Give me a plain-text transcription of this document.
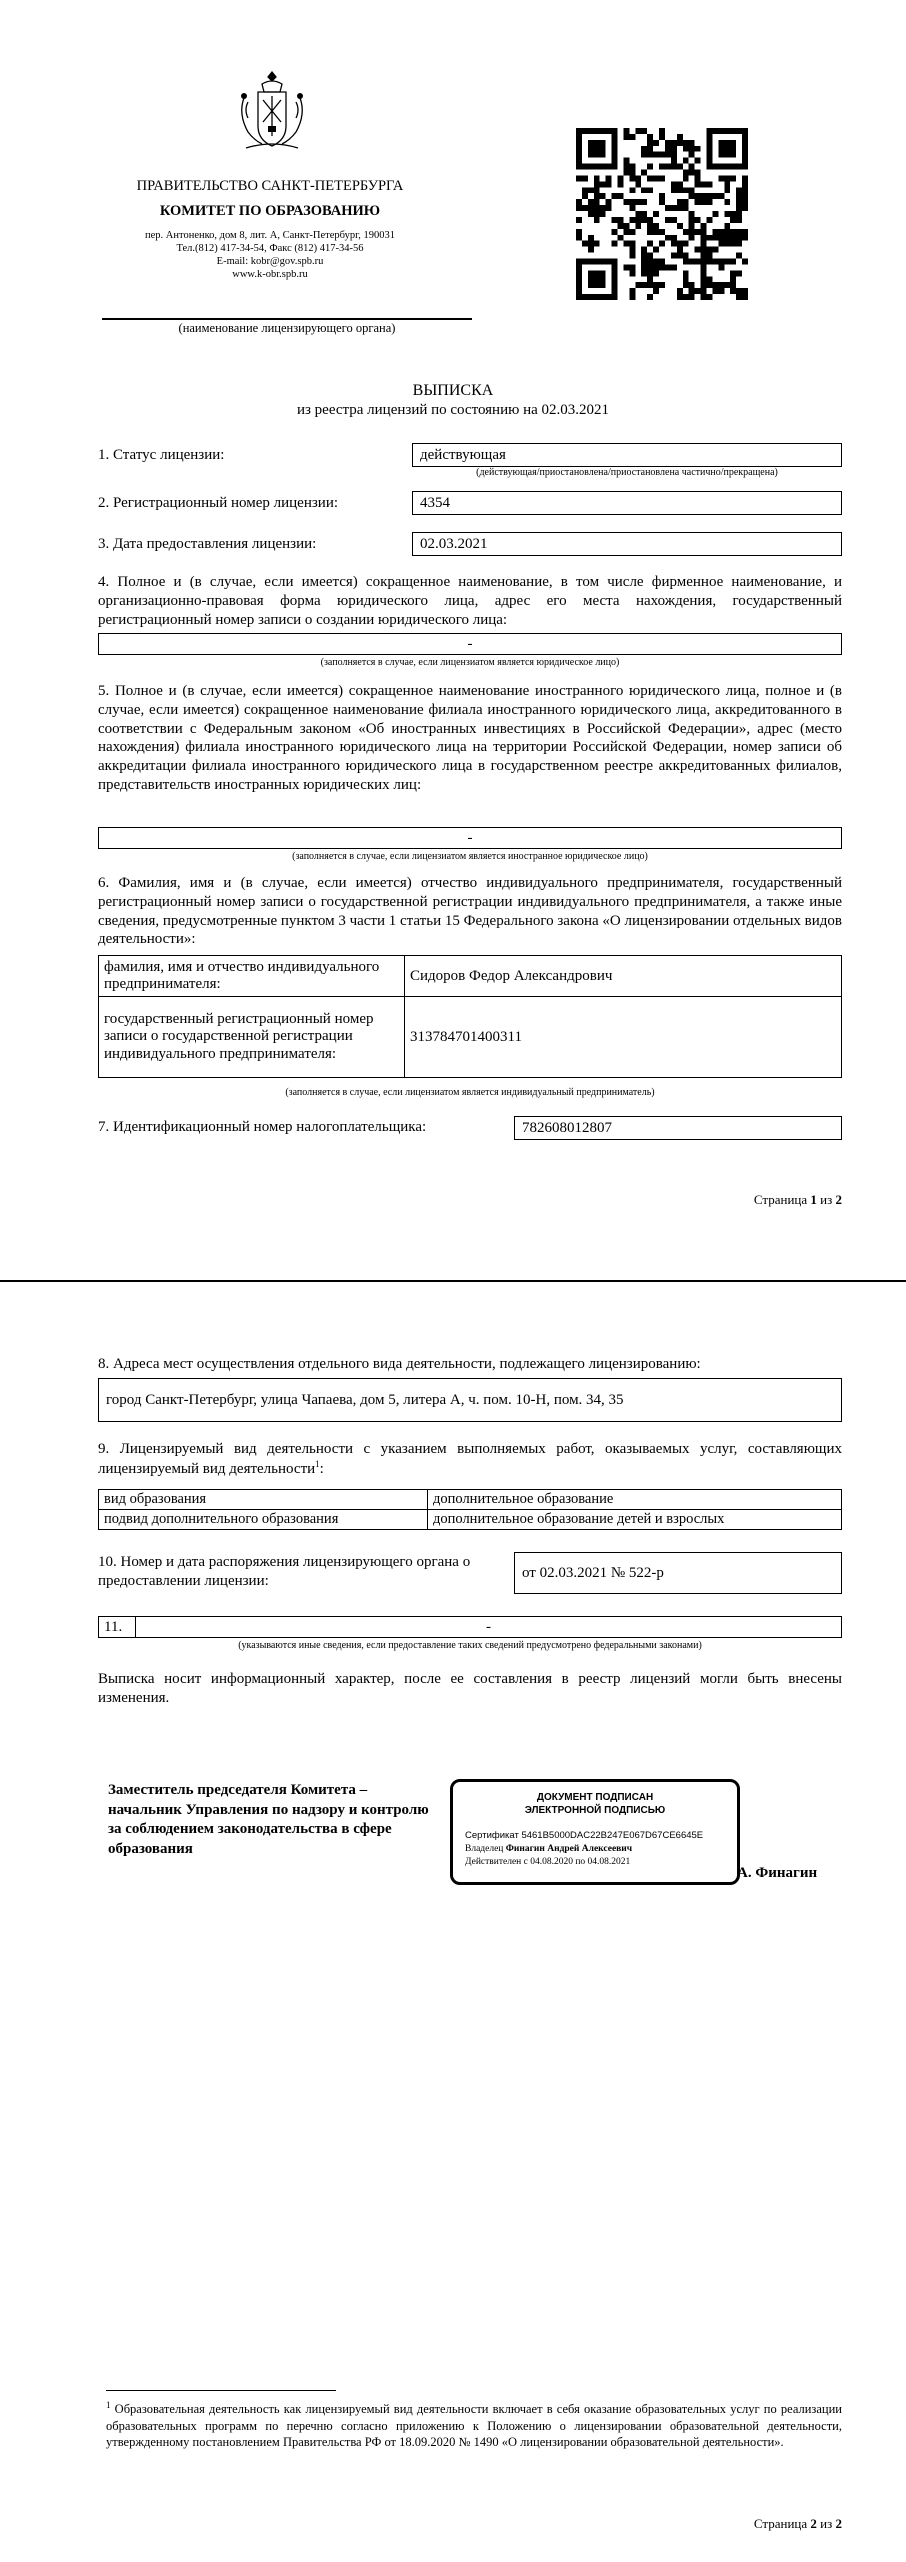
ПРАВИТЕЛЬСТВО САНКТ-ПЕТЕРБУРГА
КОМИТЕТ ПО ОБРАЗОВАНИЮ
пер. Антоненко, дом 8, лит. А, Санкт-Петербург, 190031
Тел.(812) 417-34-54, Факс (812) 417-34-56
E-mail: kobr@gov.spb.ru
www.k-obr.spb.ru
(наименование лицензирующего органа)
ВЫПИСКА
из реестра лицензий по состоянию на 02.03.2021
1. Статус лицензии:	действующая
(действующая/приостановлена/приостановлена частично/прекращена)
2. Регистрационный номер лицензии:	4354
3. Дата предоставления лицензии:	02.03.2021
4. Полное и (в случае, если имеется) сокращенное наименование, в том числе фирменное наименование, и организационно-правовая форма юридического лица, адрес его места нахождения, государственный регистрационный номер записи о создании юридического лица:
-
(заполняется в случае, если лицензиатом является юридическое лицо)
5. Полное и (в случае, если имеется) сокращенное наименование иностранного юридического лица, полное и (в случае, если имеется) сокращенное наименование филиала иностранного юридического лица, аккредитованного в соответствии с Федеральным законом «Об иностранных инвестициях в Российской Федерации», адрес (место нахождения) филиала иностранного юридического лица на территории Российской Федерации, номер записи об аккредитации филиала иностранного юридического лица в государственном реестре аккредитованных филиалов, представительств иностранных юридических лиц:
-
(заполняется в случае, если лицензиатом является иностранное юридическое лицо)
6. Фамилия, имя и (в случае, если имеется) отчество индивидуального предпринимателя, государственный регистрационный номер записи о государственной регистрации индивидуального предпринимателя, а также иные сведения, предусмотренные пунктом 3 части 1 статьи 15 Федерального закона «О лицензировании отдельных видов деятельности»:
фамилия, имя и отчество индивидуального предпринимателя:	Сидоров Федор Александрович
государственный регистрационный номер записи о государственной регистрации индивидуального предпринимателя:	313784701400311
(заполняется в случае, если лицензиатом является индивидуальный предприниматель)
7. Идентификационный номер налогоплательщика:	782608012807
Страница 1 из 2
8. Адреса мест осуществления отдельного вида деятельности, подлежащего лицензированию:
город Санкт-Петербург, улица Чапаева, дом 5, литера А, ч. пом. 10-Н, пом. 34, 35
9. Лицензируемый вид деятельности с указанием выполняемых работ, оказываемых услуг, составляющих лицензируемый вид деятельности$^1$:
вид образования	дополнительное образование
подвид дополнительного образования	дополнительное образование детей и взрослых
10. Номер и дата распоряжения лицензирующего органа о предоставлении лицензии:
от 02.03.2021 № 522-р
11.	-
(указываются иные сведения, если предоставление таких сведений предусмотрено федеральными законами)
Выписка носит информационный характер, после ее составления в реестр лицензий могли быть внесены изменения.
Заместитель председателя Комитета – начальник Управления по надзору и контролю за соблюдением законодательства в сфере образования
ДОКУМЕНТ ПОДПИСАН
ЭЛЕКТРОННОЙ ПОДПИСЬЮ
Сертификат 5461B5000DAC22B247E067D67CE6645E
Владелец Финагин Андрей Алексеевич
Действителен с 04.08.2020 по 04.08.2021
А. Финагин
$^1$ Образовательная деятельность как лицензируемый вид деятельности включает в себя оказание образовательных услуг по реализации образовательных программ по перечню согласно приложению к Положению о лицензировании образовательной деятельности, утвержденному постановлением Правительства РФ от 18.09.2020 № 1490 «О лицензировании образовательной деятельности».
Страница 2 из 2
